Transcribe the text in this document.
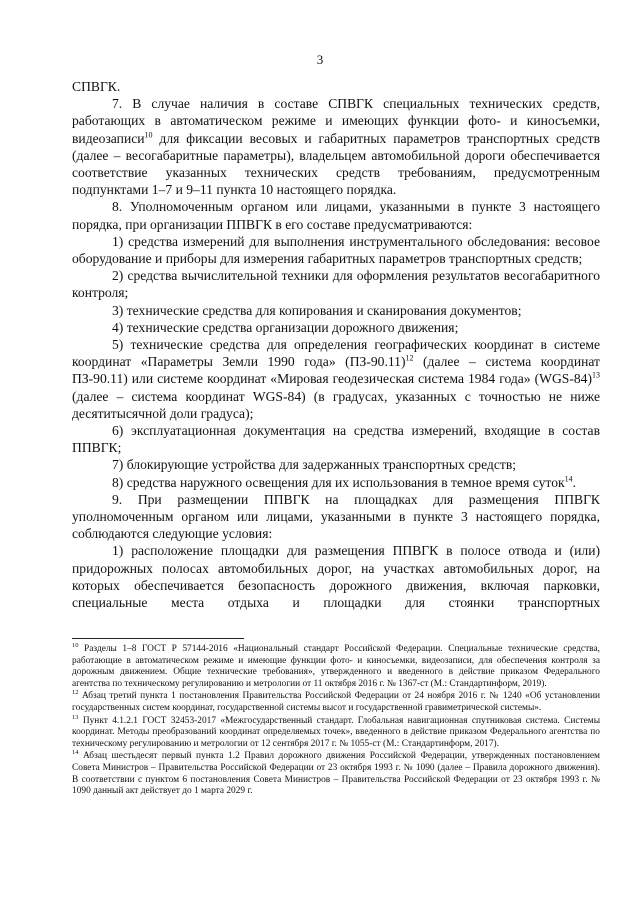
3

СПВГК.

7. В случае наличия в составе СПВГК специальных технических средств, работающих в автоматическом режиме и имеющих функции фото- и киносъемки, видеозаписи$^{10}$ для фиксации весовых и габаритных параметров транспортных средств (далее – весогабаритные параметры), владельцем автомобильной дороги обеспечивается соответствие указанных технических средств требованиям, предусмотренным подпунктами 1–7 и 9–11 пункта 10 настоящего порядка.

8. Уполномоченным органом или лицами, указанными в пункте 3 настоящего порядка, при организации ППВГК в его составе предусматриваются:

1) средства измерений для выполнения инструментального обследования: весовое оборудование и приборы для измерения габаритных параметров транспортных средств;

2) средства вычислительной техники для оформления результатов весогабаритного контроля;

3) технические средства для копирования и сканирования документов;

4) технические средства организации дорожного движения;

5) технические средства для определения географических координат в системе координат «Параметры Земли 1990 года» $(ПЗ-90.11)^{12}$ (далее – система координат ПЗ-90.11) или системе координат «Мировая геодезическая система 1984 года» $(WGS-84)^{13}$ (далее – система координат WGS-84) (в градусах, указанных с точностью не ниже десятитысячной доли градуса);

6) эксплуатационная документация на средства измерений, входящие в состав ППВГК;

7) блокирующие устройства для задержанных транспортных средств;

8) средства наружного освещения для их использования в темное время суток$^{14}$.

9. При размещении ППВГК на площадках для размещения ППВГК уполномоченным органом или лицами, указанными в пункте 3 настоящего порядка, соблюдаются следующие условия:

1) расположение площадки для размещения ППВГК в полосе отвода и (или) придорожных полосах автомобильных дорог, на участках автомобильных дорог, на которых обеспечивается безопасность дорожного движения, включая парковки, специальные места отдыха и площадки для стоянки транспортных

$^{10}$ Разделы 1–8 ГОСТ Р 57144-2016 «Национальный стандарт Российской Федерации. Специальные технические средства, работающие в автоматическом режиме и имеющие функции фото- и киносъемки, видеозаписи, для обеспечения контроля за дорожным движением. Общие технические требования», утвержденного и введенного в действие приказом Федерального агентства по техническому регулированию и метрологии от 11 октября 2016 г. № 1367-ст (М.: Стандартинформ, 2019).

$^{12}$ Абзац третий пункта 1 постановления Правительства Российской Федерации от 24 ноября 2016 г. № 1240 «Об установлении государственных систем координат, государственной системы высот и государственной гравиметрической системы».

$^{13}$ Пункт 4.1.2.1 ГОСТ 32453-2017 «Межгосударственный стандарт. Глобальная навигационная спутниковая система. Системы координат. Методы преобразований координат определяемых точек», введенного в действие приказом Федерального агентства по техническому регулированию и метрологии от 12 сентября 2017 г. № 1055-ст (М.: Стандартинформ, 2017).

$^{14}$ Абзац шестьдесят первый пункта 1.2 Правил дорожного движения Российской Федерации, утвержденных постановлением Совета Министров – Правительства Российской Федерации от 23 октября 1993 г. № 1090 (далее – Правила дорожного движения). В соответствии с пунктом 6 постановления Совета Министров – Правительства Российской Федерации от 23 октября 1993 г. № 1090 данный акт действует до 1 марта 2029 г.
